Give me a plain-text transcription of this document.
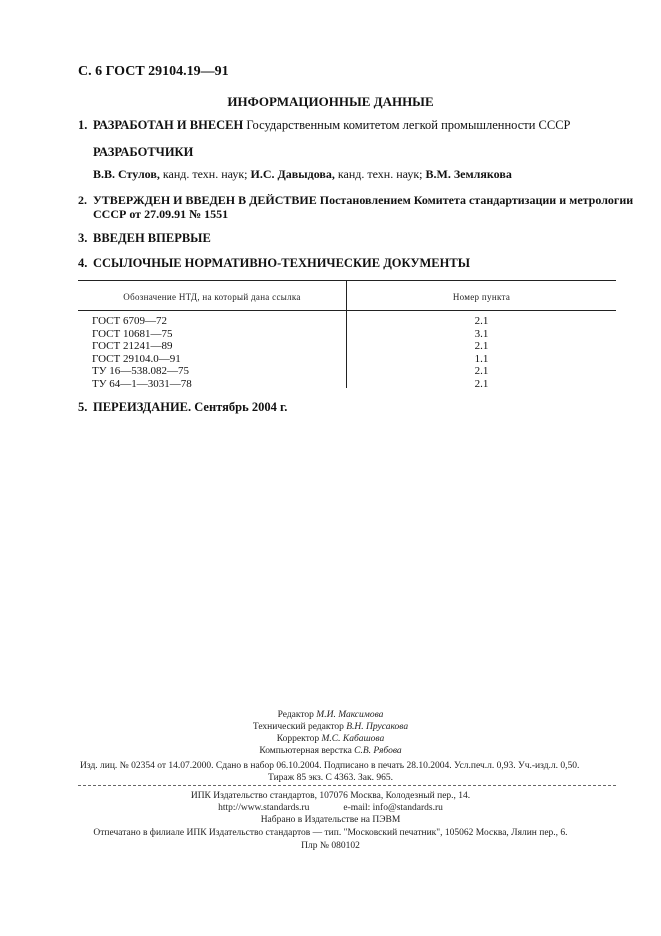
С. 6 ГОСТ 29104.19—91
ИНФОРМАЦИОННЫЕ ДАННЫЕ
1. РАЗРАБОТАН И ВНЕСЕН Государственным комитетом легкой промышленности СССР
РАЗРАБОТЧИКИ
В.В. Стулов, канд. техн. наук; И.С. Давыдова, канд. техн. наук; В.М. Землякова
2. УТВЕРЖДЕН И ВВЕДЕН В ДЕЙСТВИЕ Постановлением Комитета стандартизации и метрологии
СССР от 27.09.91 № 1551
3. ВВЕДЕН ВПЕРВЫЕ
4. ССЫЛОЧНЫЕ НОРМАТИВНО-ТЕХНИЧЕСКИЕ ДОКУМЕНТЫ
Обозначение НТД, на который дана ссылка	Номер пункта
ГОСТ 6709—72
ГОСТ 10681—75
ГОСТ 21241—89
ГОСТ 29104.0—91
ТУ 16—538.082—75
ТУ 64—1—3031—78
2.1
3.1
2.1
1.1
2.1
2.1
5. ПЕРЕИЗДАНИЕ. Сентябрь 2004 г.
Редактор М.И. Максимова
Технический редактор В.Н. Прусакова
Корректор М.С. Кабашова
Компьютерная верстка С.В. Рябова
Изд. лиц. № 02354 от 14.07.2000. Сдано в набор 06.10.2004. Подписано в печать 28.10.2004. Усл.печ.л. 0,93. Уч.-изд.л. 0,50.
Тираж 85 экз. С 4363. Зак. 965.
ИПК Издательство стандартов, 107076 Москва, Колодезный пер., 14.
http://www.standards.ru	e-mail: info@standards.ru
Набрано в Издательстве на ПЭВМ
Отпечатано в филиале ИПК Издательство стандартов — тип. "Московский печатник", 105062 Москва, Лялин пер., 6.
Плр № 080102
